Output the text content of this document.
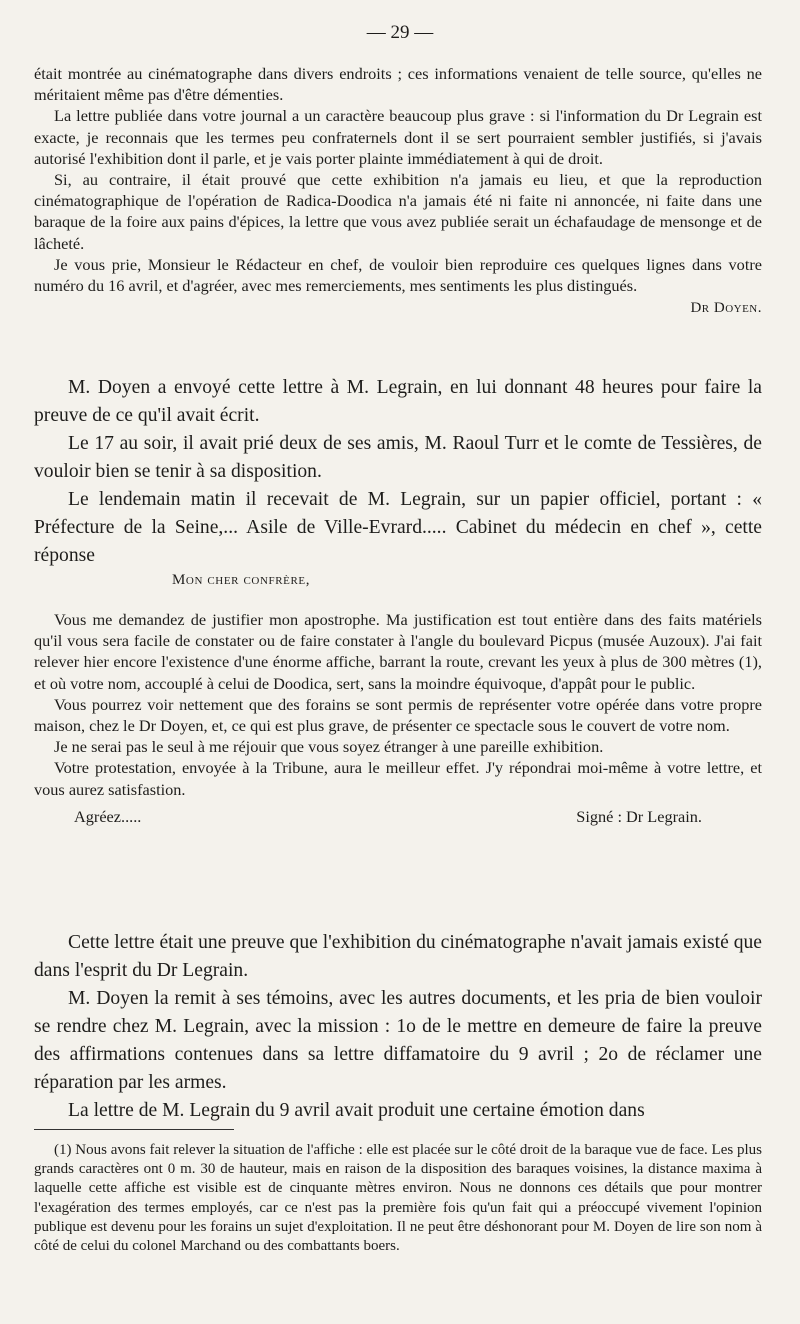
— 29 —

était montrée au cinématographe dans divers endroits ; ces informations venaient de telle source, qu'elles ne méritaient même pas d'être démenties.

La lettre publiée dans votre journal a un caractère beaucoup plus grave : si l'information du Dr Legrain est exacte, je reconnais que les termes peu confraternels dont il se sert pourraient sembler justifiés, si j'avais autorisé l'exhibition dont il parle, et je vais porter plainte immédiatement à qui de droit.

Si, au contraire, il était prouvé que cette exhibition n'a jamais eu lieu, et que la reproduction cinématographique de l'opération de Radica-Doodica n'a jamais été ni faite ni annoncée, ni faite dans une baraque de la foire aux pains d'épices, la lettre que vous avez publiée serait un échafaudage de mensonge et de lâcheté.

Je vous prie, Monsieur le Rédacteur en chef, de vouloir bien reproduire ces quelques lignes dans votre numéro du 16 avril, et d'agréer, avec mes remerciements, mes sentiments les plus distingués.

Dr Doyen.

M. Doyen a envoyé cette lettre à M. Legrain, en lui donnant 48 heures pour faire la preuve de ce qu'il avait écrit.

Le 17 au soir, il avait prié deux de ses amis, M. Raoul Turr et le comte de Tessières, de vouloir bien se tenir à sa disposition.

Le lendemain matin il recevait de M. Legrain, sur un papier officiel, portant : « Préfecture de la Seine,... Asile de Ville-Evrard..... Cabinet du médecin en chef », cette réponse

Mon cher confrère,

Vous me demandez de justifier mon apostrophe. Ma justification est tout entière dans des faits matériels qu'il vous sera facile de constater ou de faire constater à l'angle du boulevard Picpus (musée Auzoux). J'ai fait relever hier encore l'existence d'une énorme affiche, barrant la route, crevant les yeux à plus de 300 mètres (1), et où votre nom, accouplé à celui de Doodica, sert, sans la moindre équivoque, d'appât pour le public.

Vous pourrez voir nettement que des forains se sont permis de représenter votre opérée dans votre propre maison, chez le Dr Doyen, et, ce qui est plus grave, de présenter ce spectacle sous le couvert de votre nom.

Je ne serai pas le seul à me réjouir que vous soyez étranger à une pareille exhibition.

Votre protestation, envoyée à la Tribune, aura le meilleur effet. J'y répondrai moi-même à votre lettre, et vous aurez satisfastion.

Agréez.....	Signé : Dr Legrain.

Cette lettre était une preuve que l'exhibition du cinématographe n'avait jamais existé que dans l'esprit du Dr Legrain.

M. Doyen la remit à ses témoins, avec les autres documents, et les pria de bien vouloir se rendre chez M. Legrain, avec la mission : 1o de le mettre en demeure de faire la preuve des affirmations contenues dans sa lettre diffamatoire du 9 avril ; 2o de réclamer une réparation par les armes.

La lettre de M. Legrain du 9 avril avait produit une certaine émotion dans

(1) Nous avons fait relever la situation de l'affiche : elle est placée sur le côté droit de la baraque vue de face. Les plus grands caractères ont 0 m. 30 de hauteur, mais en raison de la disposition des baraques voisines, la distance maxima à laquelle cette affiche est visible est de cinquante mètres environ. Nous ne donnons ces détails que pour montrer l'exagération des termes employés, car ce n'est pas la première fois qu'un fait qui a préoccupé vivement l'opinion publique est devenu pour les forains un sujet d'exploitation. Il ne peut être déshonorant pour M. Doyen de lire son nom à côté de celui du colonel Marchand ou des combattants boers.
